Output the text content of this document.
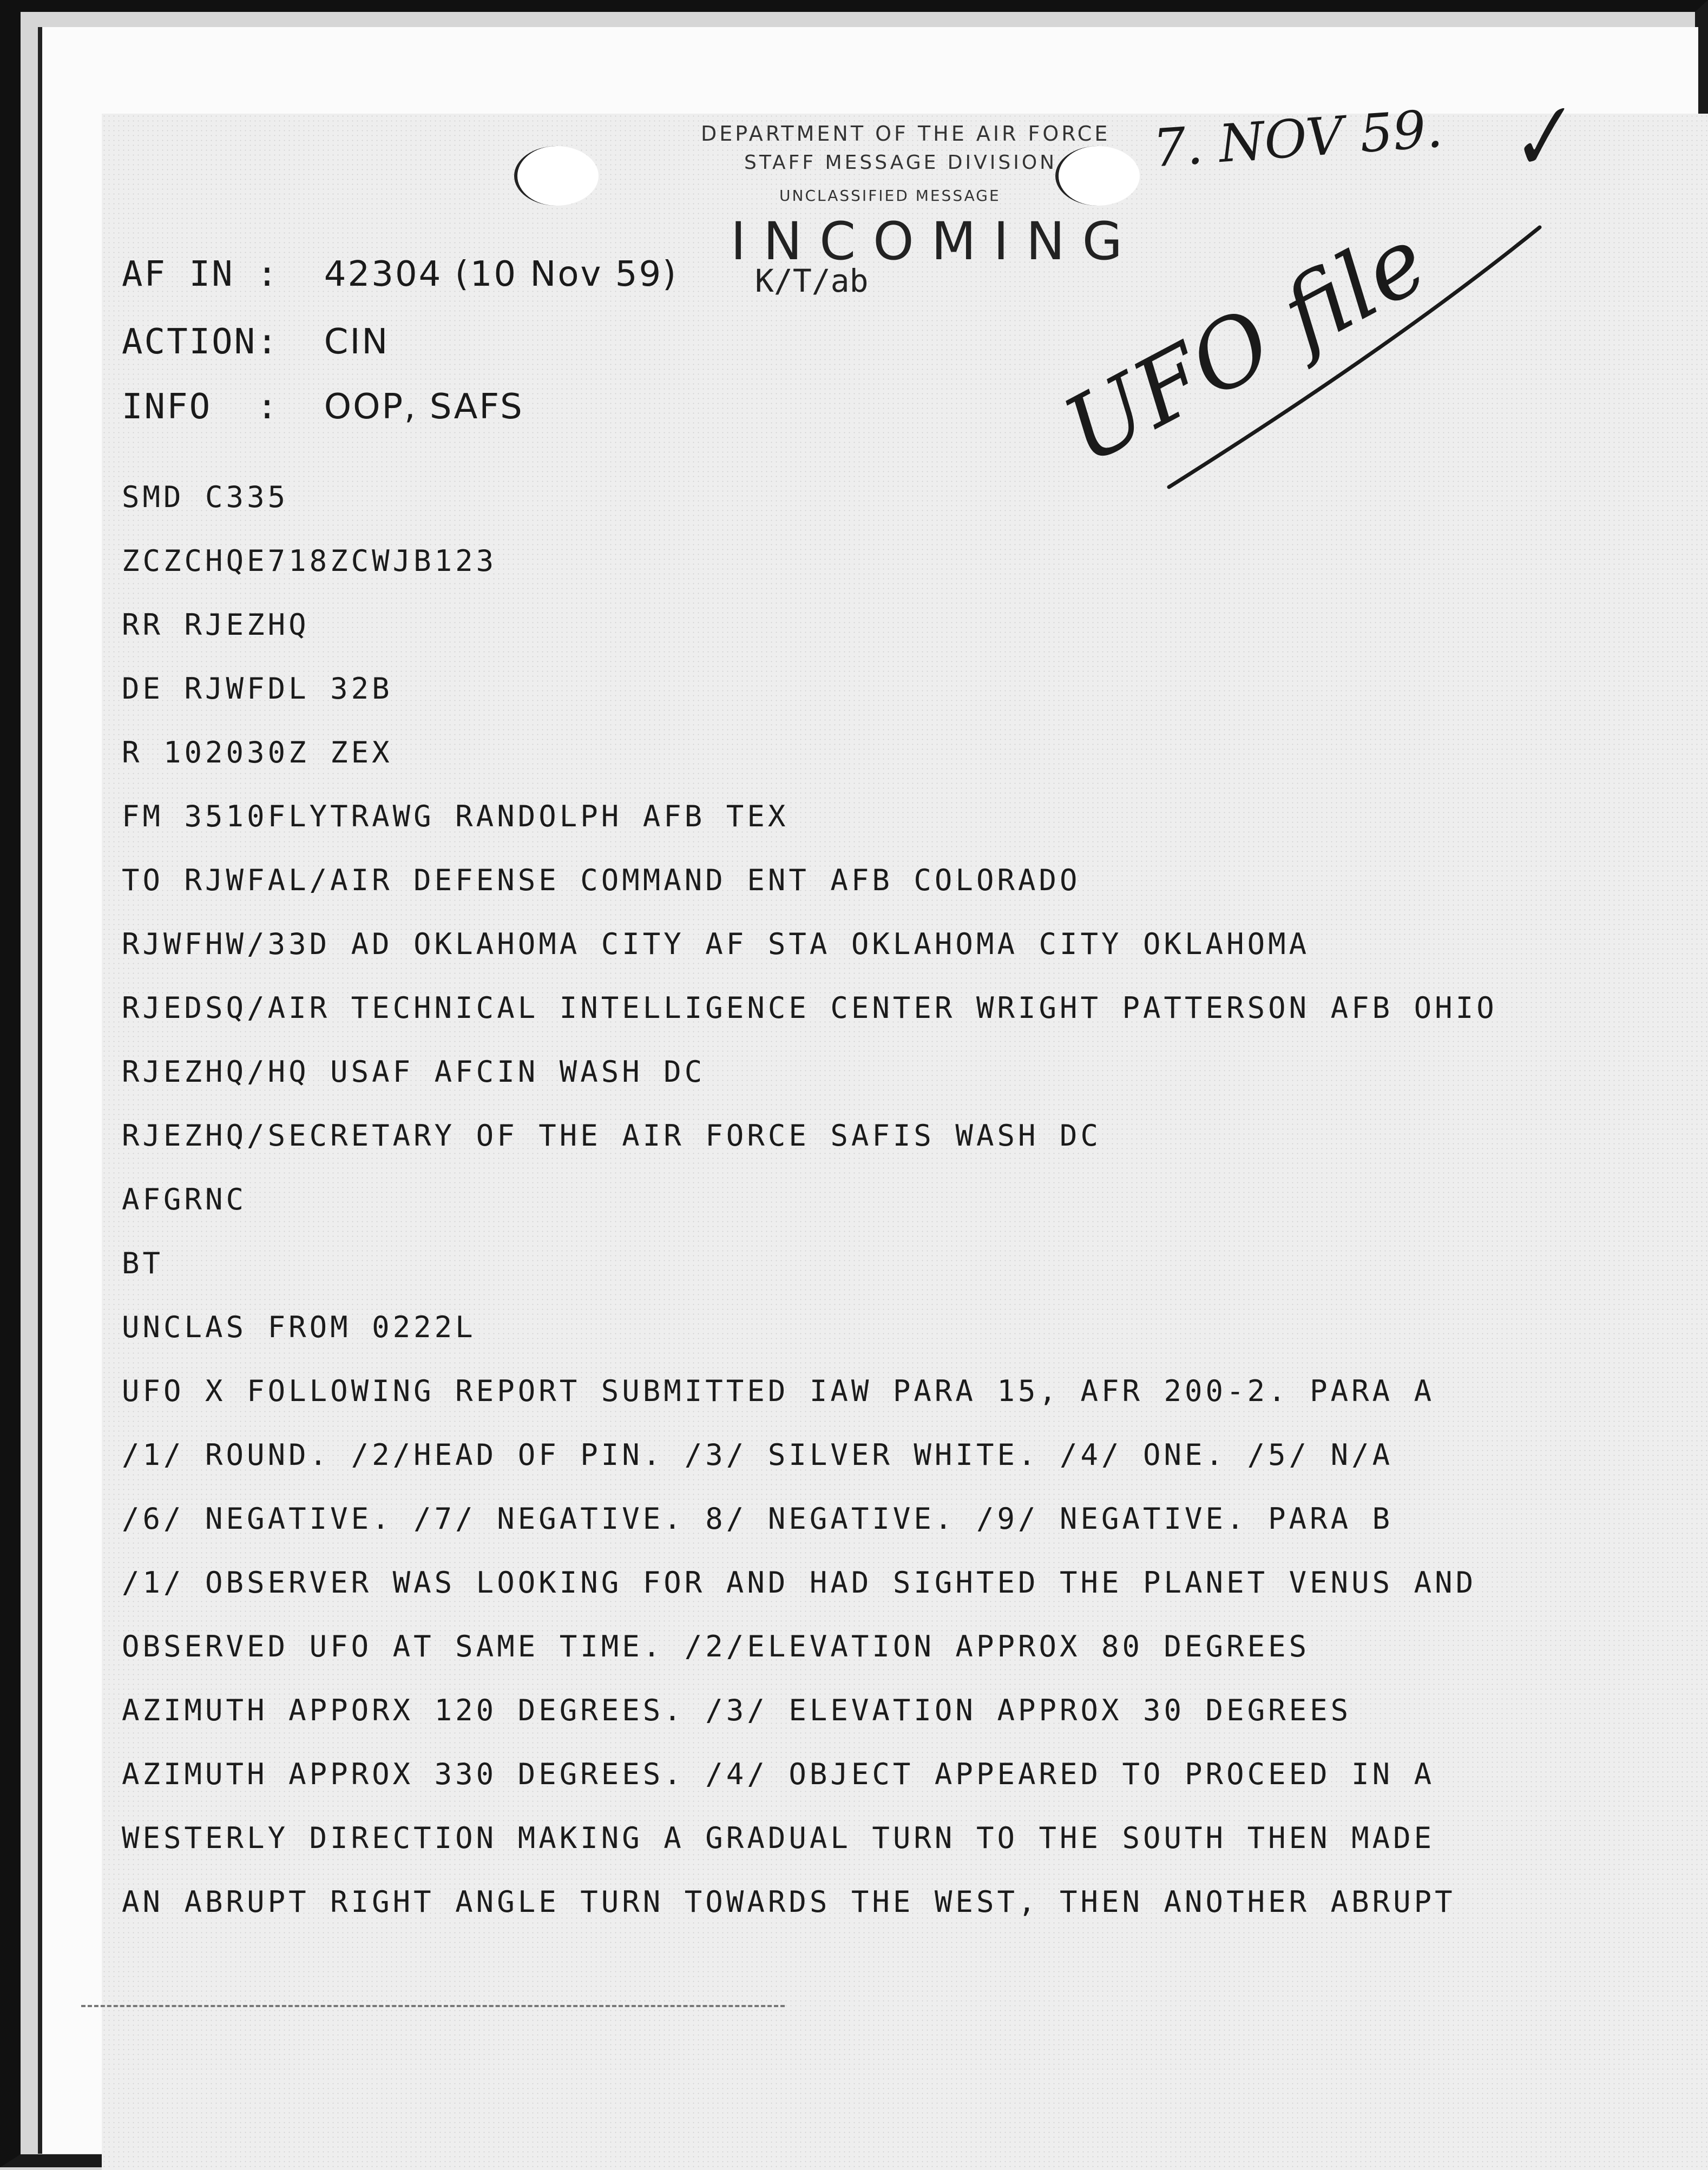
DEPARTMENT OF THE AIR FORCE
STAFF MESSAGE DIVISION
UNCLASSIFIED MESSAGE
INCOMING
7. NOV 59. ✓
UFO file
AF IN : 42304 (10 Nov 59) K/T/ab
ACTION: CIN
INFO  : OOP, SAFS
SMD C335
ZCZCHQE718ZCWJB123
RR RJEZHQ
DE RJWFDL 32B
R 102030Z ZEX
FM 3510FLYTRAWG RANDOLPH AFB TEX
TO RJWFAL/AIR DEFENSE COMMAND ENT AFB COLORADO
RJWFHW/33D AD OKLAHOMA CITY AF STA OKLAHOMA CITY OKLAHOMA
RJEDSQ/AIR TECHNICAL INTELLIGENCE CENTER WRIGHT PATTERSON AFB OHIO
RJEZHQ/HQ USAF AFCIN WASH DC
RJEZHQ/SECRETARY OF THE AIR FORCE SAFIS WASH DC
AFGRNC
BT
UNCLAS FROM 0222L
UFO X FOLLOWING REPORT SUBMITTED IAW PARA 15, AFR 200-2. PARA A
/1/ ROUND. /2/HEAD OF PIN. /3/ SILVER WHITE. /4/ ONE. /5/ N/A
/6/ NEGATIVE. /7/ NEGATIVE. 8/ NEGATIVE. /9/ NEGATIVE. PARA B
/1/ OBSERVER WAS LOOKING FOR AND HAD SIGHTED THE PLANET VENUS AND
OBSERVED UFO AT SAME TIME. /2/ELEVATION APPROX 80 DEGREES
AZIMUTH APPORX 120 DEGREES. /3/ ELEVATION APPROX 30 DEGREES
AZIMUTH APPROX 330 DEGREES. /4/ OBJECT APPEARED TO PROCEED IN A
WESTERLY DIRECTION MAKING A GRADUAL TURN TO THE SOUTH THEN MADE
AN ABRUPT RIGHT ANGLE TURN TOWARDS THE WEST, THEN ANOTHER ABRUPT
